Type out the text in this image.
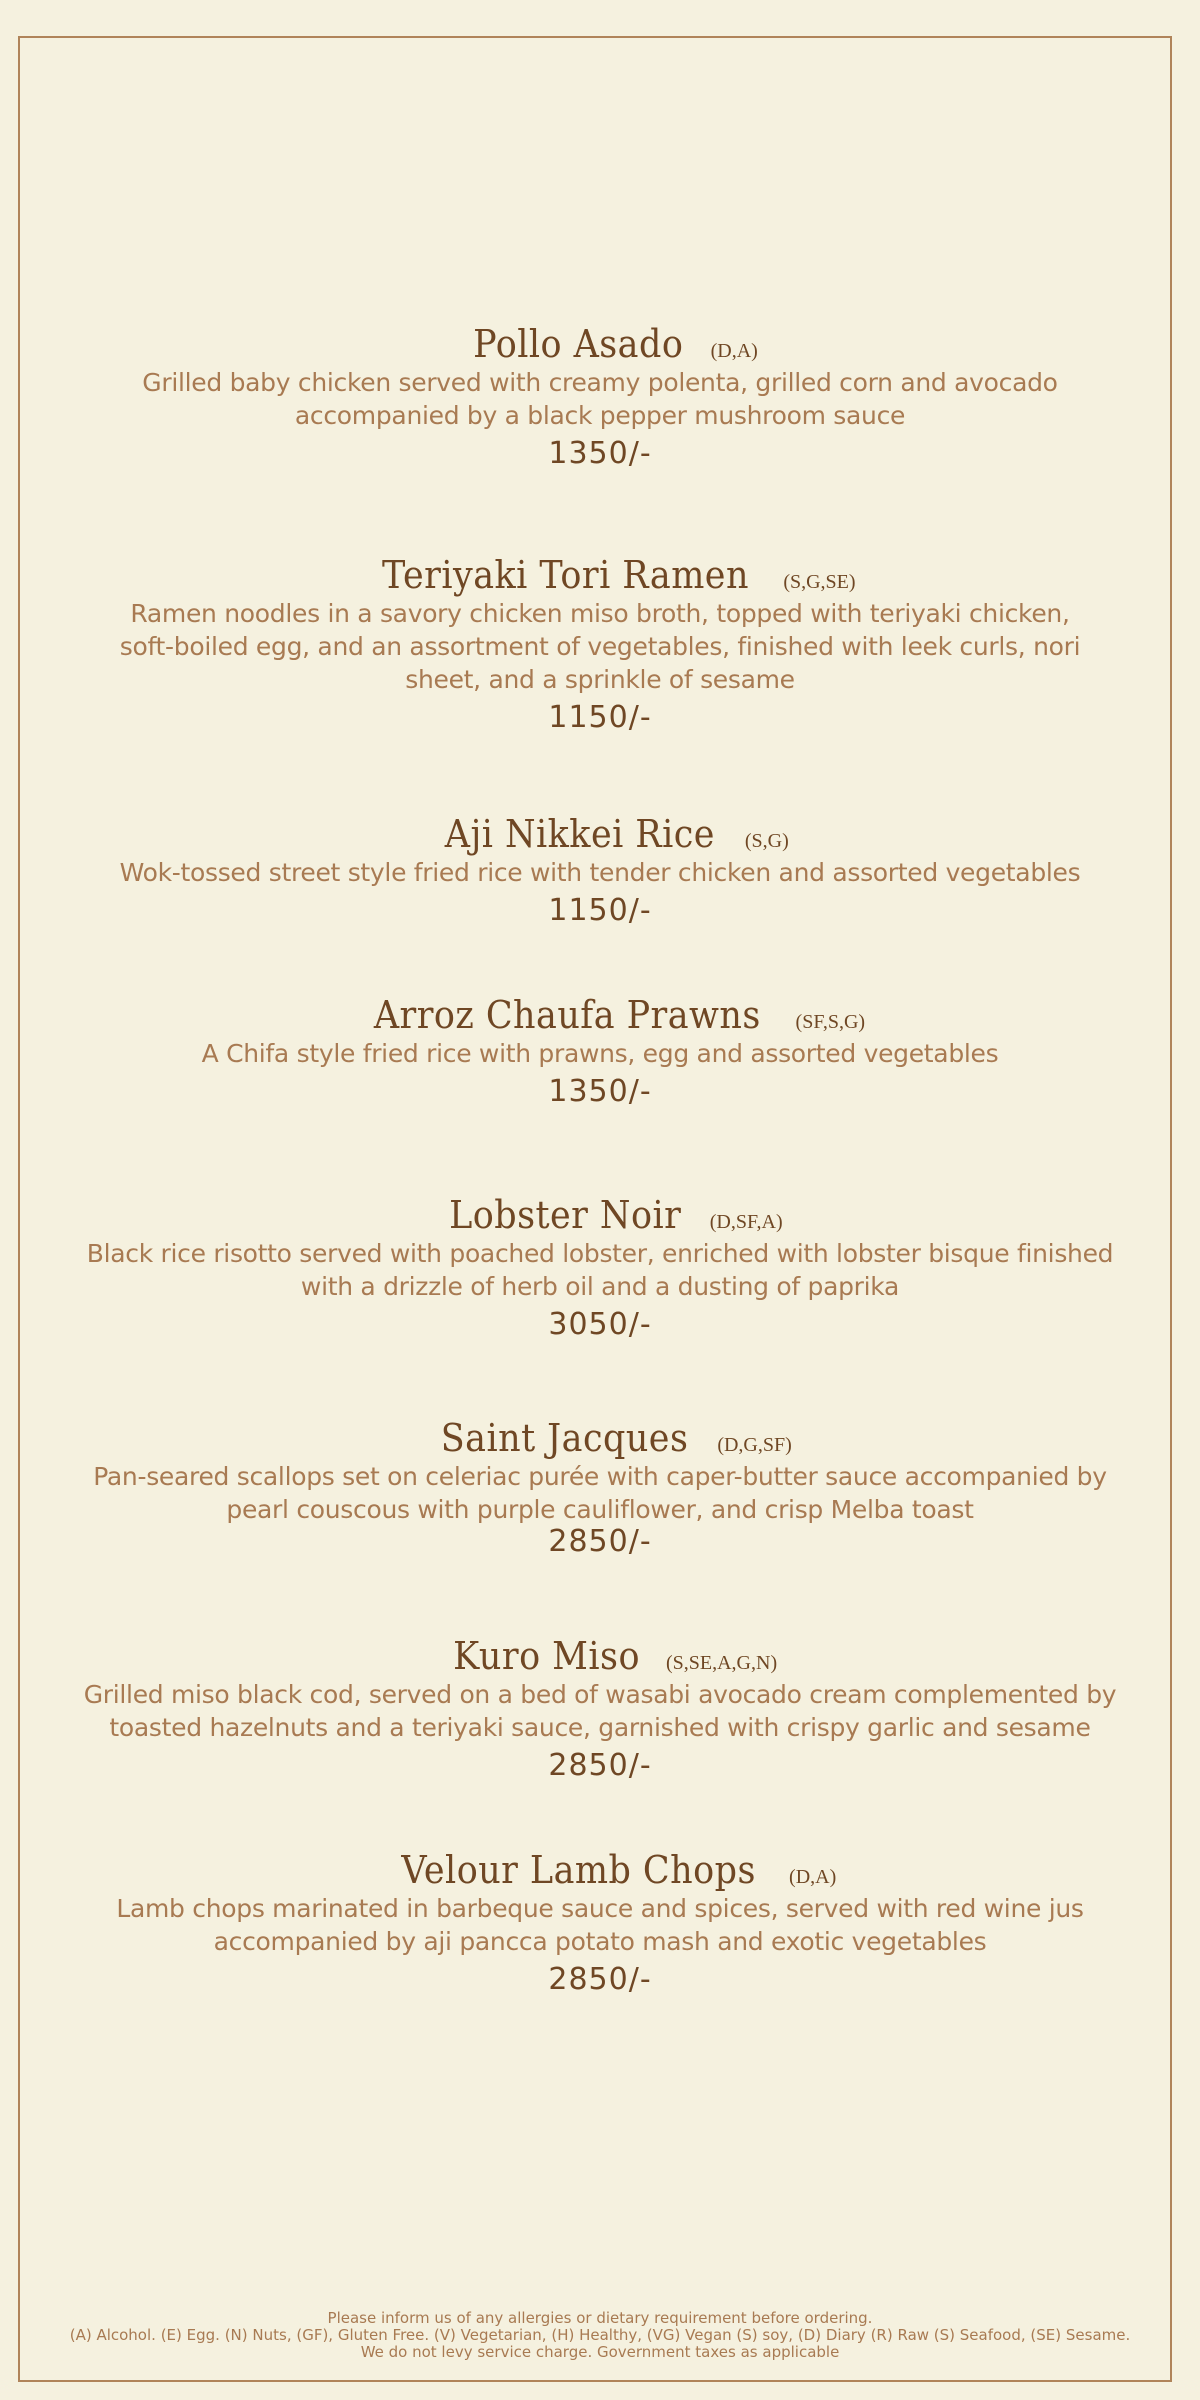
Pollo Asado (D,A)
Grilled baby chicken served with creamy polenta, grilled corn and avocado
accompanied by a black pepper mushroom sauce
1350/-
Teriyaki Tori Ramen (S,G,SE)
Ramen noodles in a savory chicken miso broth, topped with teriyaki chicken,
soft-boiled egg, and an assortment of vegetables, finished with leek curls, nori
sheet, and a sprinkle of sesame
1150/-
Aji Nikkei Rice (S,G)
Wok-tossed street style fried rice with tender chicken and assorted vegetables
1150/-
Arroz Chaufa Prawns (SF,S,G)
A Chifa style fried rice with prawns, egg and assorted vegetables
1350/-
Lobster Noir (D,SF,A)
Black rice risotto served with poached lobster, enriched with lobster bisque finished
with a drizzle of herb oil and a dusting of paprika
3050/-
Saint Jacques (D,G,SF)
Pan-seared scallops set on celeriac purée with caper-butter sauce accompanied by
pearl couscous with purple cauliflower, and crisp Melba toast
2850/-
Kuro Miso (S,SE,A,G,N)
Grilled miso black cod, served on a bed of wasabi avocado cream complemented by
toasted hazelnuts and a teriyaki sauce, garnished with crispy garlic and sesame
2850/-
Velour Lamb Chops (D,A)
Lamb chops marinated in barbeque sauce and spices, served with red wine jus
accompanied by aji pancca potato mash and exotic vegetables
2850/-
Please inform us of any allergies or dietary requirement before ordering.
(A) Alcohol. (E) Egg. (N) Nuts, (GF), Gluten Free. (V) Vegetarian, (H) Healthy, (VG) Vegan (S) soy, (D) Diary (R) Raw (S) Seafood, (SE) Sesame.
We do not levy service charge. Government taxes as applicable
